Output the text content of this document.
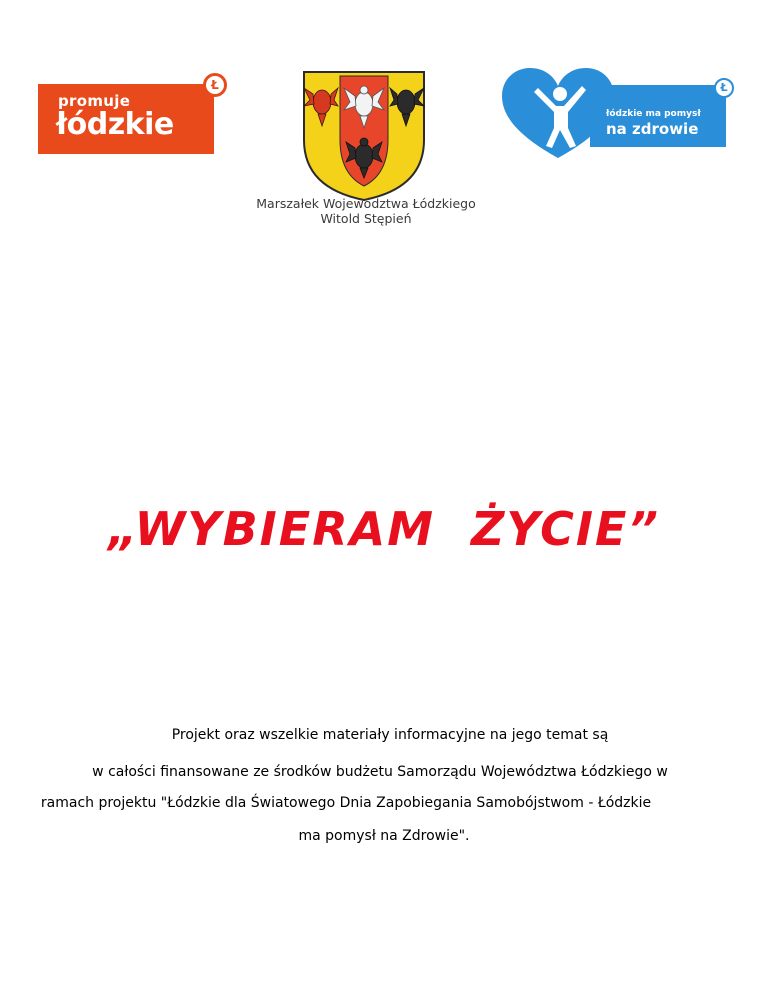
promuje
łódzkie
Ł
Marszałek Województwa Łódzkiego
Witold Stępień
łódzkie ma pomysł
na zdrowie
Ł
„WYBIERAM  ŻYCIE”
Projekt oraz wszelkie materiały informacyjne na jego temat są
w całości finansowane ze środków budżetu Samorządu Województwa Łódzkiego w
ramach projektu "Łódzkie dla Światowego Dnia Zapobiegania Samobójstwom - Łódzkie
ma pomysł na Zdrowie".
